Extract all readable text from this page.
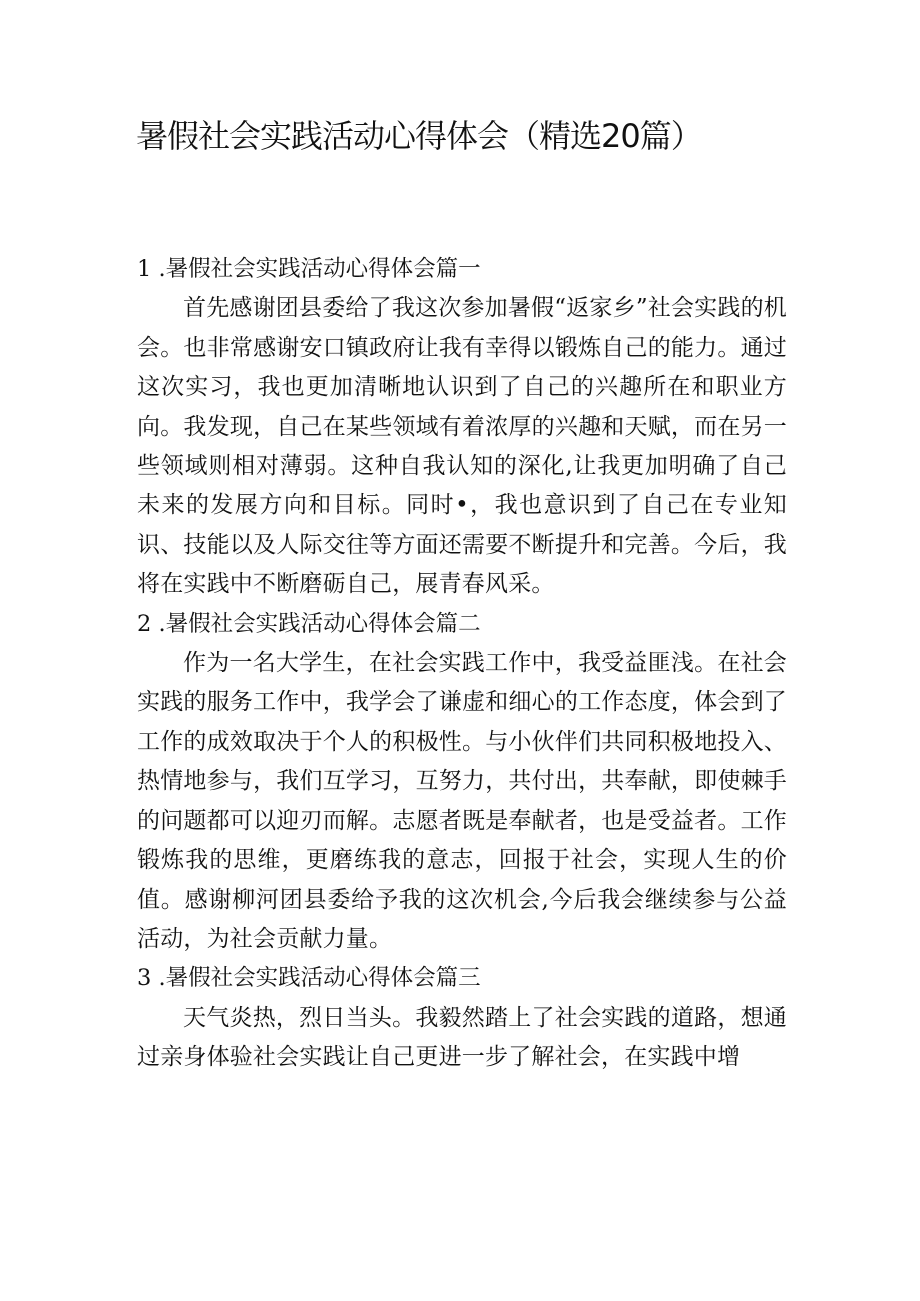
暑假社会实践活动心得体会（精选20篇）
1 .暑假社会实践活动心得体会篇一

首先感谢团县委给了我这次参加暑假“返家乡”社会实践的机会。也非常感谢安口镇政府让我有幸得以锻炼自己的能力。通过这次实习，我也更加清晰地认识到了自己的兴趣所在和职业方向。我发现，自己在某些领域有着浓厚的兴趣和天赋，而在另一些领域则相对薄弱。这种自我认知的深化,让我更加明确了自己未来的发展方向和目标。同时•，我也意识到了自己在专业知识、技能以及人际交往等方面还需要不断提升和完善。今后，我将在实践中不断磨砺自己，展青春风采。

2 .暑假社会实践活动心得体会篇二

作为一名大学生，在社会实践工作中，我受益匪浅。在社会实践的服务工作中，我学会了谦虚和细心的工作态度，体会到了工作的成效取决于个人的积极性。与小伙伴们共同积极地投入、热情地参与，我们互学习，互努力，共付出，共奉献，即使棘手的问题都可以迎刃而解。志愿者既是奉献者，也是受益者。工作锻炼我的思维，更磨练我的意志，回报于社会，实现人生的价值。感谢柳河团县委给予我的这次机会,今后我会继续参与公益活动，为社会贡献力量。

3 .暑假社会实践活动心得体会篇三

天气炎热，烈日当头。我毅然踏上了社会实践的道路，想通过亲身体验社会实践让自己更进一步了解社会，在实践中增
